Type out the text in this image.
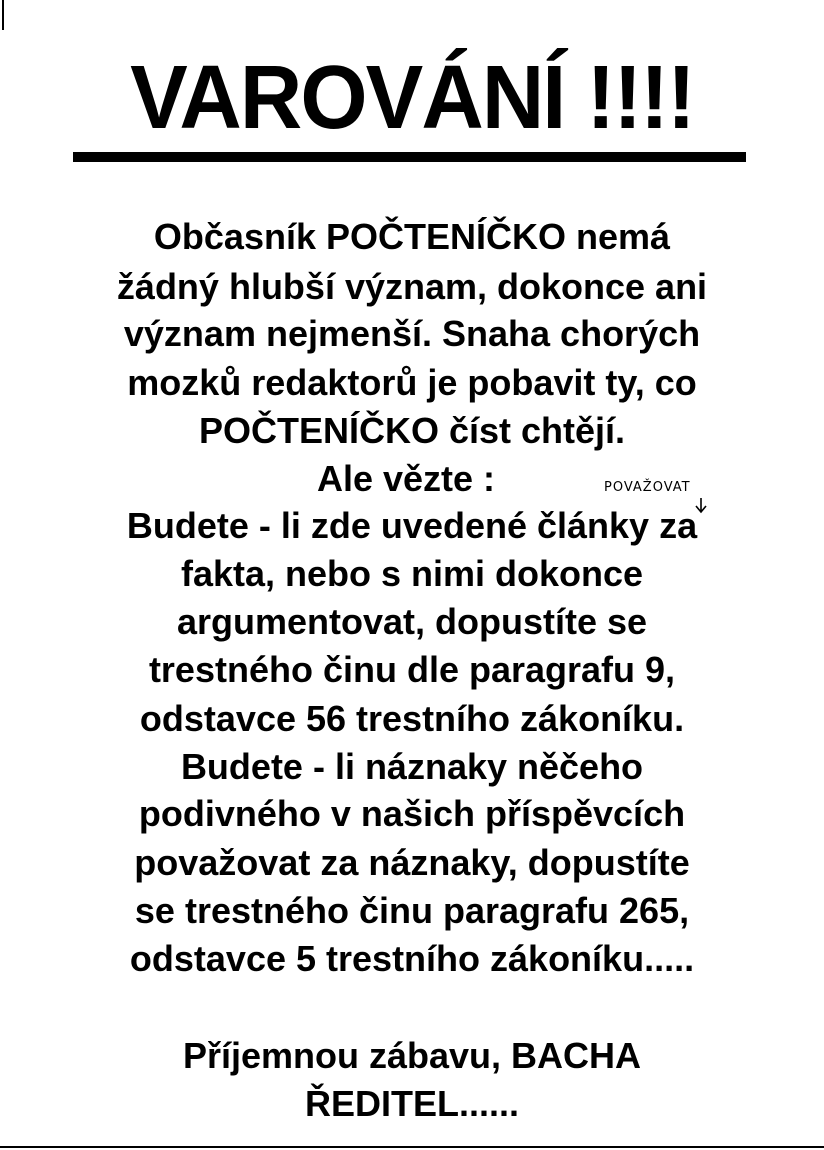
VAROVÁNÍ !!!!
Občasník POČTENÍČKO nemá
žádný hlubší význam, dokonce ani
význam nejmenší. Snaha chorých
mozků redaktorů je pobavit ty, co
POČTENÍČKO číst chtějí.
Ale vězte :	POVAŽOVAT
Budete - li zde uvedené články za
fakta, nebo s nimi dokonce
argumentovat, dopustíte se
trestného činu dle paragrafu 9,
odstavce 56 trestního zákoníku.
Budete - li náznaky něčeho
podivného v našich příspěvcích
považovat za náznaky, dopustíte
se trestného činu paragrafu 265,
odstavce 5 trestního zákoníku.....
Příjemnou zábavu, BACHA
ŘEDITEL......
